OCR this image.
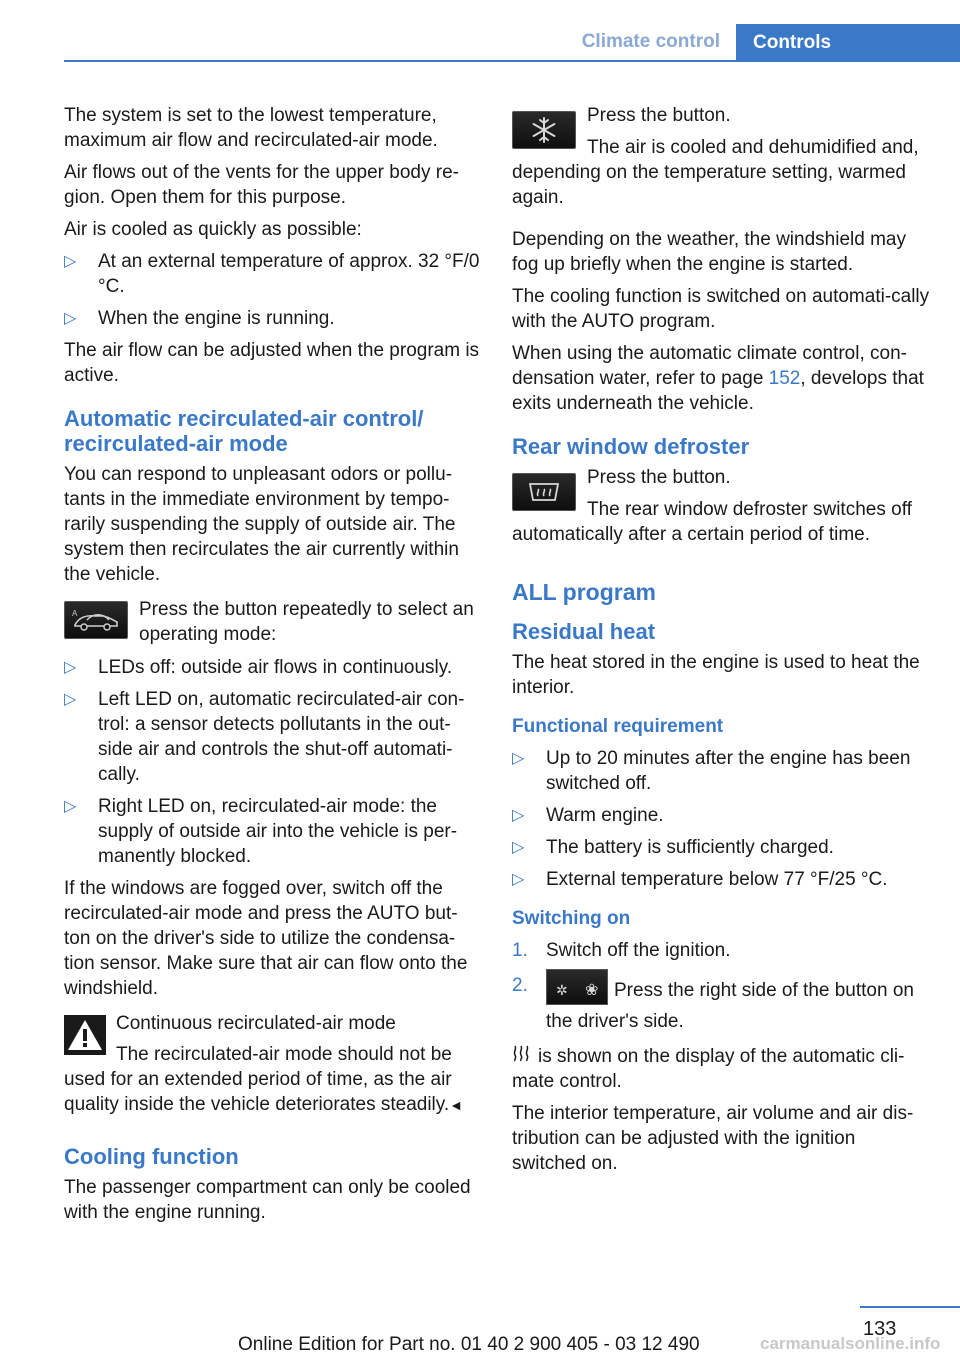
Climate control	Controls

The system is set to the lowest temperature, maximum air flow and recirculated-air mode.

Air flows out of the vents for the upper body re-gion. Open them for this purpose.

Air is cooled as quickly as possible:

▷ At an external temperature of approx. 32 °F/0 °C.
▷ When the engine is running.

The air flow can be adjusted when the program is active.

Automatic recirculated-air control/ recirculated-air mode

You can respond to unpleasant odors or pollu-tants in the immediate environment by tempo-rarily suspending the supply of outside air. The system then recirculates the air currently within the vehicle.

A	Press the button repeatedly to select an operating mode:
▷ LEDs off: outside air flows in continuously.
▷ Left LED on, automatic recirculated-air con-trol: a sensor detects pollutants in the out-side air and controls the shut-off automati-cally.
▷ Right LED on, recirculated-air mode: the supply of outside air into the vehicle is per-manently blocked.

If the windows are fogged over, switch off the recirculated-air mode and press the AUTO but-ton on the driver's side to utilize the condensa-tion sensor. Make sure that air can flow onto the windshield.

Continuous recirculated-air mode

The recirculated-air mode should not be used for an extended period of time, as the air quality inside the vehicle deteriorates steadily.◄

Cooling function

The passenger compartment can only be cooled with the engine running.

Press the button.

The air is cooled and dehumidified and, depending on the temperature setting, warmed again.

Depending on the weather, the windshield may fog up briefly when the engine is started.

The cooling function is switched on automati-cally with the AUTO program.

When using the automatic climate control, con-densation water, refer to page 152, develops that exits underneath the vehicle.

Rear window defroster

Press the button.

The rear window defroster switches off automatically after a certain period of time.

ALL program
Residual heat

The heat stored in the engine is used to heat the interior.

Functional requirement
▷ Up to 20 minutes after the engine has been switched off.
▷ Warm engine.
▷ The battery is sufficiently charged.
▷ External temperature below 77 °F/25 °C.
Switching on
1. Switch off the ignition.
2. ✲ ❀ Press the right side of the button on the driver's side.

is shown on the display of the automatic cli-mate control.

The interior temperature, air volume and air dis-tribution can be adjusted with the ignition switched on.

133
Online Edition for Part no. 01 40 2 900 405 - 03 12 490	carmanualsonline.info
